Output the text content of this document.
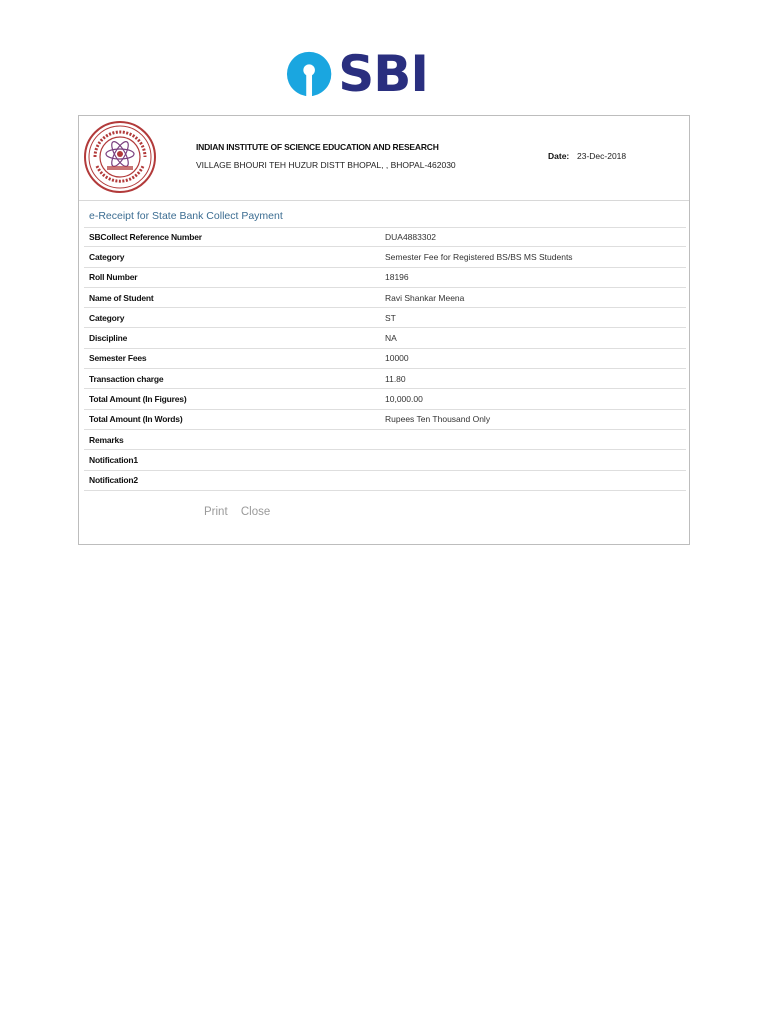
SBI
INDIAN INSTITUTE OF SCIENCE EDUCATION AND RESEARCH
VILLAGE BHOURI TEH HUZUR DISTT BHOPAL, , BHOPAL-462030
Date: 23-Dec-2018
e-Receipt for State Bank Collect Payment
SBCollect Reference Number	DUA4883302
Category	Semester Fee for Registered BS/BS MS Students
Roll Number	18196
Name of Student	Ravi Shankar Meena
Category	ST
Discipline	NA
Semester Fees	10000
Transaction charge	11.80
Total Amount (In Figures)	10,000.00
Total Amount (In Words)	Rupees Ten Thousand Only
Remarks
Notification1
Notification2
Print Close
